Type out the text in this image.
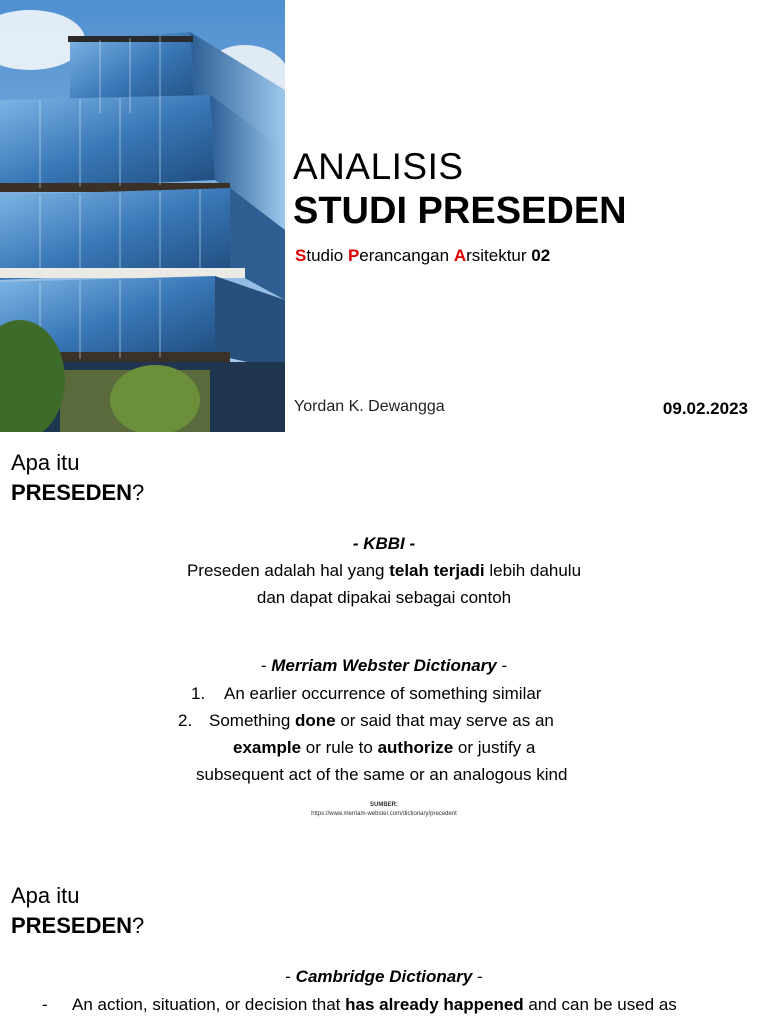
ANALISIS
STUDI PRESEDEN
Studio Perancangan Arsitektur 02
Yordan K. Dewangga	09.02.2023
Apa itu
PRESEDEN?
- KBBI -
Preseden adalah hal yang telah terjadi lebih dahulu
dan dapat dipakai sebagai contoh
- Merriam Webster Dictionary -
1. An earlier occurrence of something similar
2. Something done or said that may serve as an
example or rule to authorize or justify a
subsequent act of the same or an analogous kind
SUMBER:
https://www.merriam-webster.com/dictionary/precedent
Apa itu
PRESEDEN?
- Cambridge Dictionary -
- An action, situation, or decision that has already happened and can be used as
